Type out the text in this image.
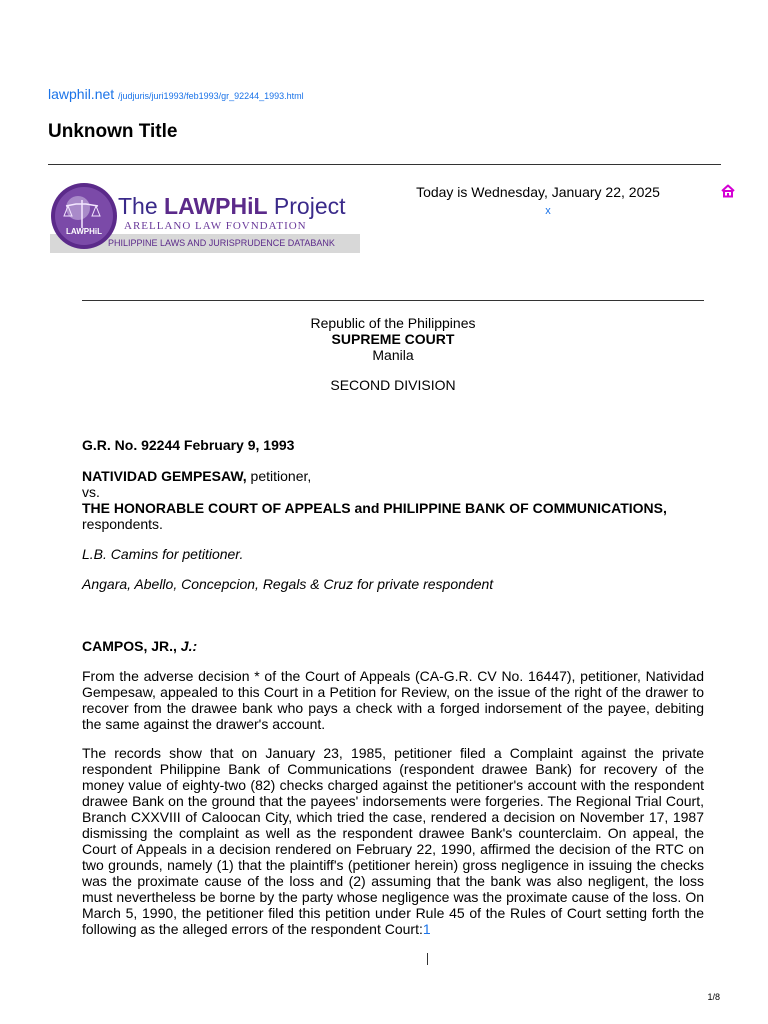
lawphil.net /judjuris/juri1993/feb1993/gr_92244_1993.html
Unknown Title
LAWPHiL
The LAWPHiL Project
ARELLANO LAW FOVNDATION
PHILIPPINE LAWS AND JURISPRUDENCE DATABANK
Today is Wednesday, January 22, 2025
x
Republic of the Philippines
SUPREME COURT
Manila
SECOND DIVISION
G.R. No. 92244 February 9, 1993

NATIVIDAD GEMPESAW, petitioner,

vs.

THE HONORABLE COURT OF APPEALS and PHILIPPINE BANK OF COMMUNICATIONS,

respondents.

L.B. Camins for petitioner.
Angara, Abello, Concepcion, Regals & Cruz for private respondent
CAMPOS, JR., J.:
From the adverse decision * of the Court of Appeals (CA-G.R. CV No. 16447), petitioner, Natividad Gempesaw, appealed to this Court in a Petition for Review, on the issue of the right of the drawer to recover from the drawee bank who pays a check with a forged indorsement of the payee, debiting the same against the drawer's account.
The records show that on January 23, 1985, petitioner filed a Complaint against the private respondent Philippine Bank of Communications (respondent drawee Bank) for recovery of the money value of eighty-two (82) checks charged against the petitioner's account with the respondent drawee Bank on the ground that the payees' indorsements were forgeries. The Regional Trial Court, Branch CXXVIII of Caloocan City, which tried the case, rendered a decision on November 17, 1987 dismissing the complaint as well as the respondent drawee Bank's counterclaim. On appeal, the Court of Appeals in a decision rendered on February 22, 1990, affirmed the decision of the RTC on two grounds, namely (1) that the plaintiff's (petitioner herein) gross negligence in issuing the checks was the proximate cause of the loss and (2) assuming that the bank was also negligent, the loss must nevertheless be borne by the party whose negligence was the proximate cause of the loss. On March 5, 1990, the petitioner filed this petition under Rule 45 of the Rules of Court setting forth the following as the alleged errors of the respondent Court:1
1/8
